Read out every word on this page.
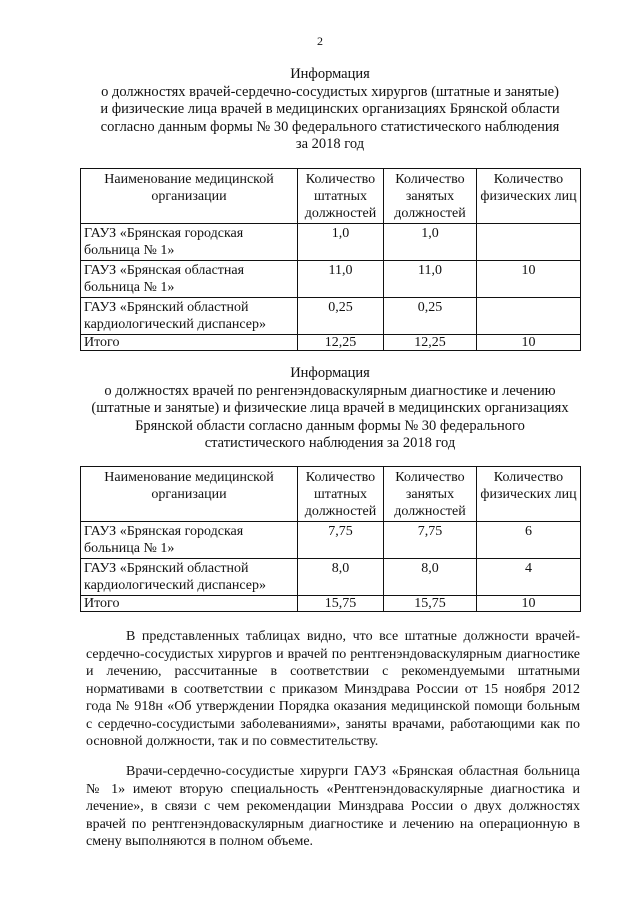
2
Информация
о должностях врачей-сердечно-сосудистых хирургов (штатные и занятые)
и физические лица врачей в медицинских организациях Брянской области
согласно данным формы № 30 федерального статистического наблюдения
за 2018 год
Наименование медицинской организации	Количество штатных должностей	Количество занятых должностей	Количество физических лиц
ГАУЗ «Брянская городская больница № 1»	1,0	1,0	
ГАУЗ «Брянская областная больница № 1»	11,0	11,0	10
ГАУЗ «Брянский областной кардиологический диспансер»	0,25	0,25	
Итого	12,25	12,25	10
Информация
о должностях врачей по ренгенэндоваскулярным диагностике и лечению
(штатные и занятые) и физические лица врачей в медицинских организациях
Брянской области согласно данным формы № 30 федерального
статистического наблюдения за 2018 год
Наименование медицинской организации	Количество штатных должностей	Количество занятых должностей	Количество физических лиц
ГАУЗ «Брянская городская больница № 1»	7,75	7,75	6
ГАУЗ «Брянский областной кардиологический диспансер»	8,0	8,0	4
Итого	15,75	15,75	10

В представленных таблицах видно, что все штатные должности врачей-сердечно-сосудистых хирургов и врачей по рентгенэндоваскулярным диагностике и лечению, рассчитанные в соответствии с рекомендуемыми штатными нормативами в соответствии с приказом Минздрава России от 15 ноября 2012 года № 918н «Об утверждении Порядка оказания медицинской помощи больным с сердечно-сосудистыми заболеваниями», заняты врачами, работающими как по основной должности, так и по совместительству.

Врачи-сердечно-сосудистые хирурги ГАУЗ «Брянская областная больница № 1» имеют вторую специальность «Рентгенэндоваскулярные диагностика и лечение», в связи с чем рекомендации Минздрава России о двух должностях врачей по рентгенэндоваскулярным диагностике и лечению на операционную в смену выполняются в полном объеме.
